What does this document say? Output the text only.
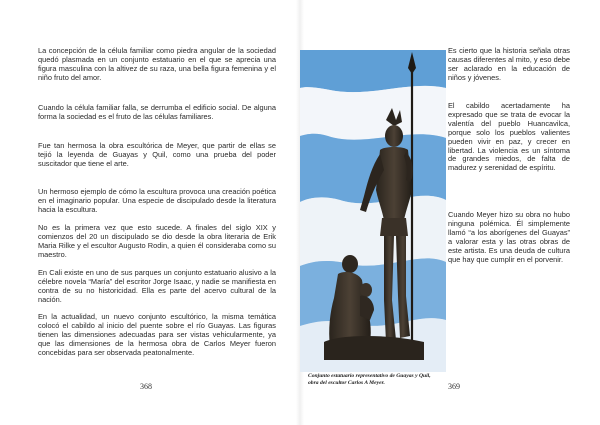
La concepción de la célula familiar como piedra angular de la sociedad quedó plasmada en un conjunto estatuario en el que se aprecia una figura masculina con la altivez de su raza, una bella figura femenina y el niño fruto del amor.

Cuando la célula familiar falla, se derrumba el edificio social. De alguna forma la sociedad es el fruto de las células familiares.

Fue tan hermosa la obra escultórica de Meyer, que partir de ellas se tejió la leyenda de Guayas y Quil, como una prueba del poder suscitador que tiene el arte.

Un hermoso ejemplo de cómo la escultura provoca una creación poética en el imaginario popular. Una especie de discipulado desde la literatura hacia la escultura.

No es la primera vez que esto sucede. A finales del siglo XIX y comienzos del 20 un discipulado se dio desde la obra literaria de Erik Maria Rilke y el escultor Augusto Rodin, a quien él consideraba como su maestro.

En Cali existe en uno de sus parques un conjunto estatuario alusivo a la célebre novela “María” del escritor Jorge Isaac, y nadie se manifiesta en contra de su no historicidad. Ella es parte del acervo cultural de la nación.

En la actualidad, un nuevo conjunto escultórico, la misma temática colocó el cabildo al inicio del puente sobre el río Guayas. Las figuras tienen las dimensiones adecuadas para ser vistas vehicularmente, ya que las dimensiones de la hermosa obra de Carlos Meyer fueron concebidas para ser observada peatonalmente.

368

Conjunto estatuario representativo de Guayas y Quil, obra del escultor Carlos A Meyer.

Es cierto que la historia señala otras causas diferentes al mito, y eso debe ser aclarado en la educación de niños y jóvenes.

El cabildo acertadamente ha expresado que se trata de evocar la valentía del pueblo Huancavilca, porque solo los pueblos valientes pueden vivir en paz, y crecer en libertad. La violencia es un síntoma de grandes miedos, de falta de madurez y serenidad de espíritu.

Cuando Meyer hizo su obra no hubo ninguna polémica. Él simplemente llamó “a los aborígenes del Guayas” a valorar esta y las otras obras de este artista. Es una deuda de cultura que hay que cumplir en el porvenir.

369
